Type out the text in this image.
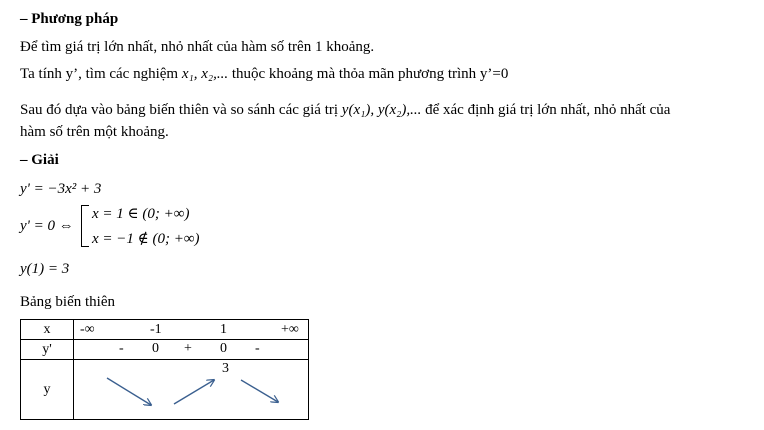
– Phương pháp
Để tìm giá trị lớn nhất, nhỏ nhất của hàm số trên 1 khoảng.
Ta tính y’, tìm các nghiệm x₁, x₂,... thuộc khoảng mà thỏa mãn phương trình y’=0
Sau đó dựa vào bảng biến thiên và so sánh các giá trị y(x₁), y(x₂),... để xác định giá trị lớn nhất, nhỏ nhất của
hàm số trên một khoảng.
– Giải
y' = −3x² + 3
y' = 0 ⇔
x = 1 ∈ (0; +∞)
x = −1 ∉ (0; +∞)
y(1) = 3
Bảng biến thiên
x	-∞ -1 1 +∞

y'	- 0 + 0 -

y	3
